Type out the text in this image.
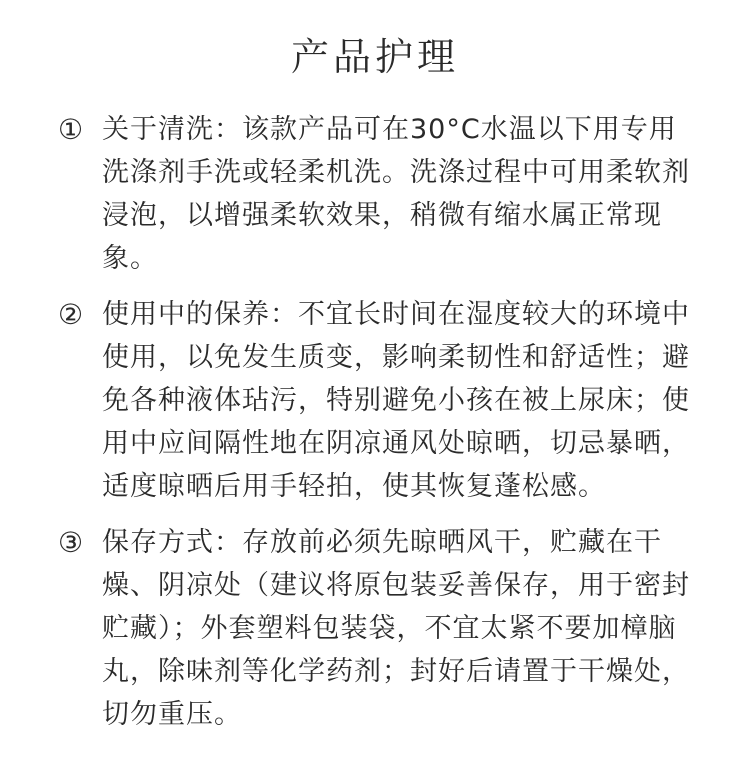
产品护理
① 关于清洗：该款产品可在30°C水温以下用专用洗涤剂手洗或轻柔机洗。洗涤过程中可用柔软剂浸泡，以增强柔软效果，稍微有缩水属正常现象。
② 使用中的保养：不宜长时间在湿度较大的环境中使用，以免发生质变，影响柔韧性和舒适性；避免各种液体玷污，特别避免小孩在被上尿床；使用中应间隔性地在阴凉通风处晾晒，切忌暴晒，适度晾晒后用手轻拍，使其恢复蓬松感。
③ 保存方式：存放前必须先晾晒风干，贮藏在干燥、阴凉处（建议将原包装妥善保存，用于密封贮藏）；外套塑料包装袋，不宜太紧不要加樟脑丸，除味剂等化学药剂；封好后请置于干燥处，切勿重压。
